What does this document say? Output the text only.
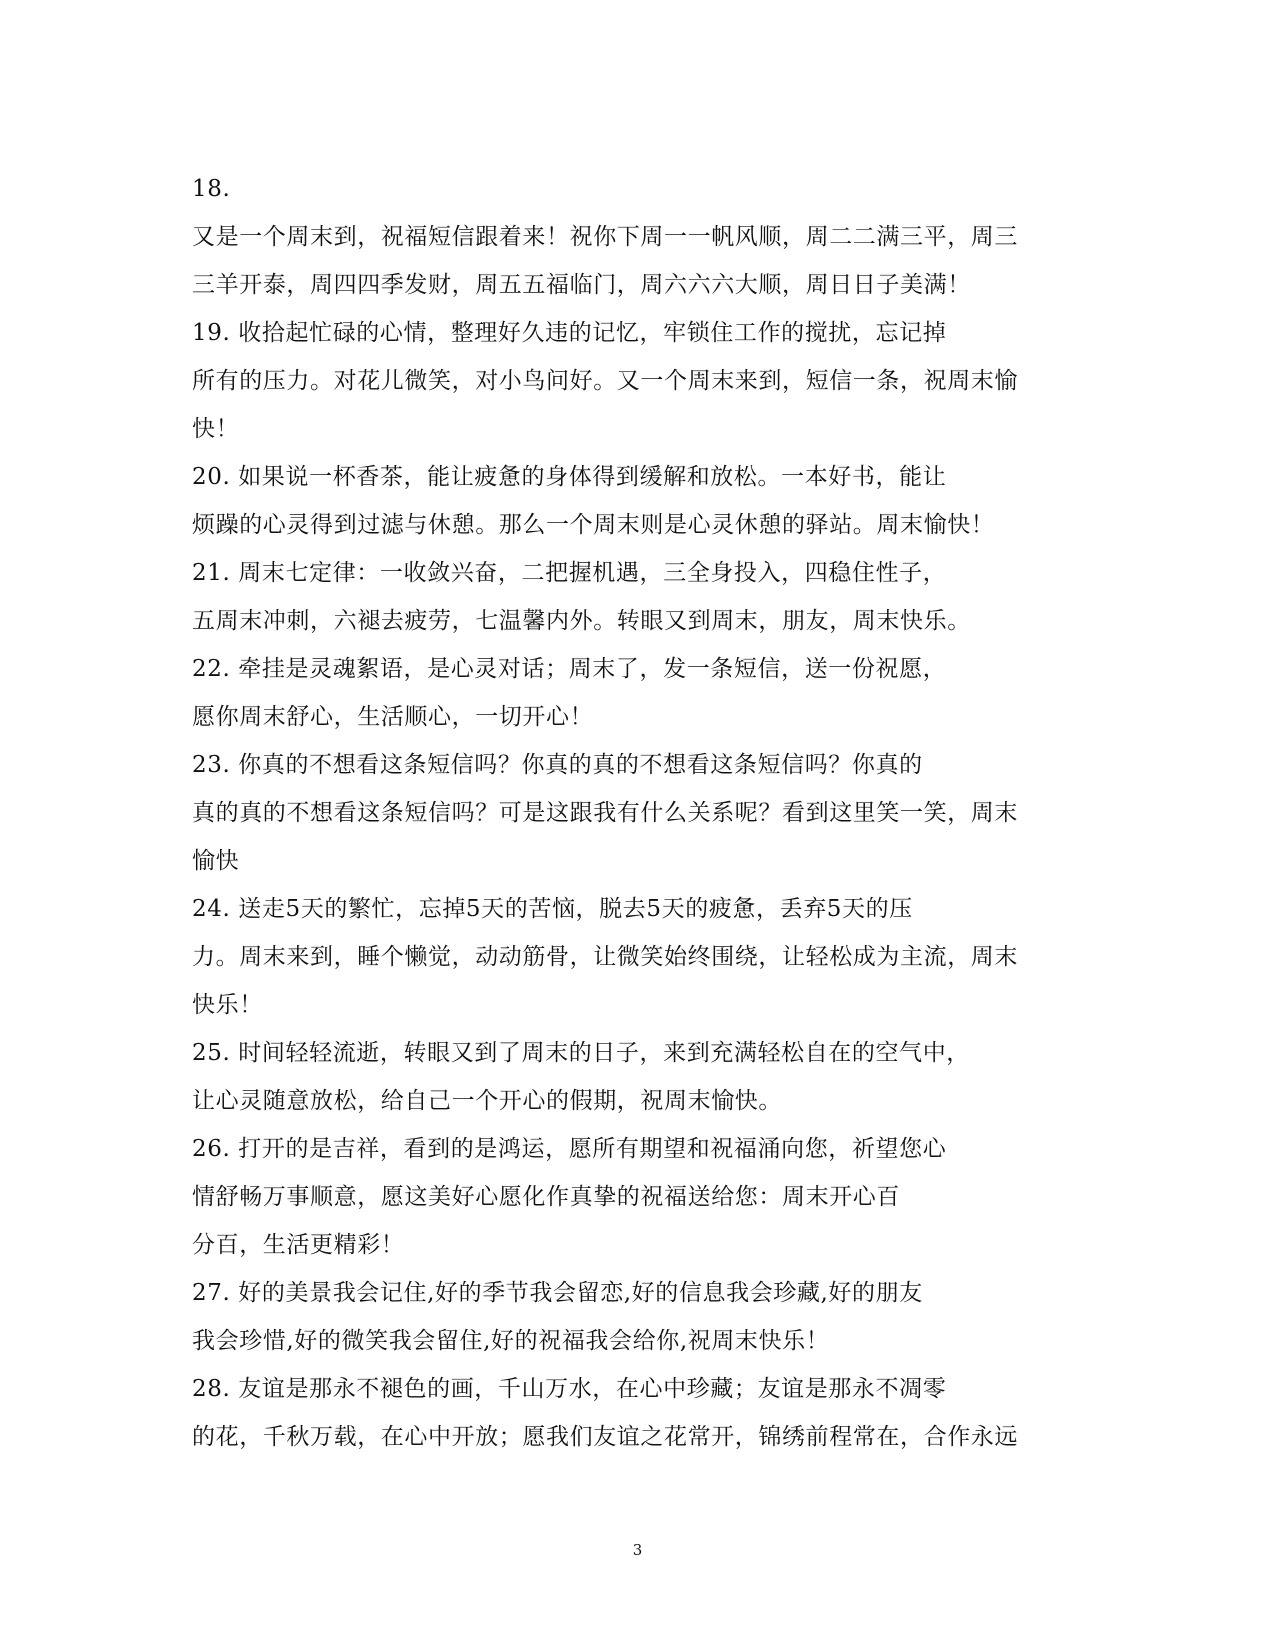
18.
又是一个周末到，祝福短信跟着来！祝你下周一一帆风顺，周二二满三平，周三
三羊开泰，周四四季发财，周五五福临门，周六六六大顺，周日日子美满！
19. 收拾起忙碌的心情，整理好久违的记忆，牢锁住工作的搅扰，忘记掉
所有的压力。对花儿微笑，对小鸟问好。又一个周末来到，短信一条，祝周末愉
快！
20. 如果说一杯香茶，能让疲惫的身体得到缓解和放松。一本好书，能让
烦躁的心灵得到过滤与休憩。那么一个周末则是心灵休憩的驿站。周末愉快！
21. 周末七定律：一收敛兴奋，二把握机遇，三全身投入，四稳住性子，
五周末冲刺，六褪去疲劳，七温馨内外。转眼又到周末，朋友，周末快乐。
22. 牵挂是灵魂絮语，是心灵对话；周末了，发一条短信，送一份祝愿，
愿你周末舒心，生活顺心，一切开心！
23. 你真的不想看这条短信吗？你真的真的不想看这条短信吗？你真的
真的真的不想看这条短信吗？可是这跟我有什么关系呢？看到这里笑一笑，周末
愉快
24. 送走5天的繁忙，忘掉5天的苦恼，脱去5天的疲惫，丢弃5天的压
力。周末来到，睡个懒觉，动动筋骨，让微笑始终围绕，让轻松成为主流，周末
快乐！
25. 时间轻轻流逝，转眼又到了周末的日子，来到充满轻松自在的空气中，
让心灵随意放松，给自己一个开心的假期，祝周末愉快。
26. 打开的是吉祥，看到的是鸿运，愿所有期望和祝福涌向您，祈望您心
情舒畅万事顺意，愿这美好心愿化作真挚的祝福送给您：周末开心百
分百，生活更精彩！
27. 好的美景我会记住,好的季节我会留恋,好的信息我会珍藏,好的朋友
我会珍惜,好的微笑我会留住,好的祝福我会给你,祝周末快乐！
28. 友谊是那永不褪色的画，千山万水，在心中珍藏；友谊是那永不凋零
的花，千秋万载，在心中开放；愿我们友谊之花常开，锦绣前程常在，合作永远
3
